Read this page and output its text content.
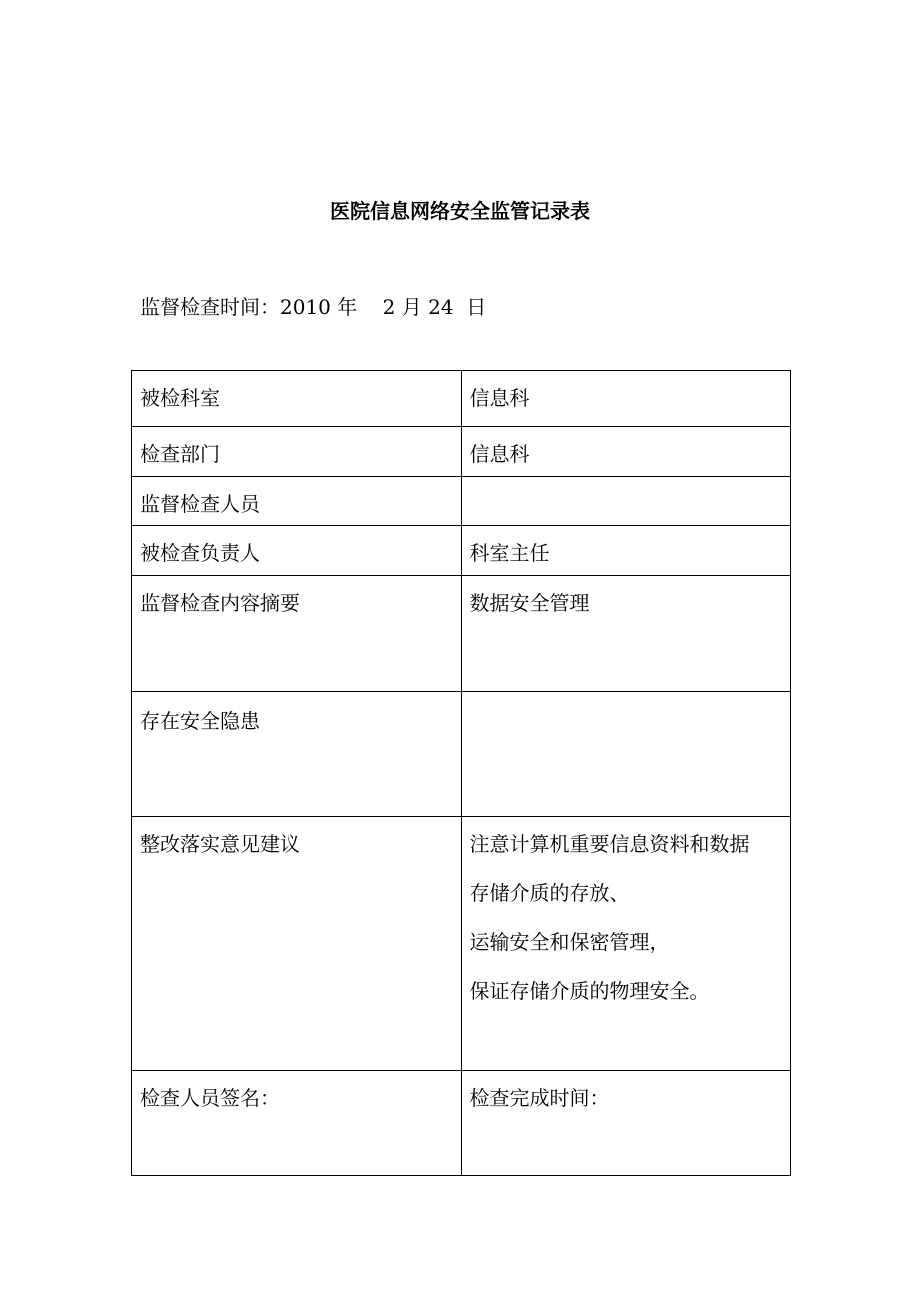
医院信息网络安全监管记录表
监督检查时间：2010 年    2 月 24  日
被检科室	信息科
检查部门	信息科
监督检查人员	
被检查负责人	科室主任
监督检查内容摘要	数据安全管理
存在安全隐患	
整改落实意见建议	注意计算机重要信息资料和数据
存储介质的存放、
运输安全和保密管理，
保证存储介质的物理安全。

检查人员签名：	检查完成时间：
